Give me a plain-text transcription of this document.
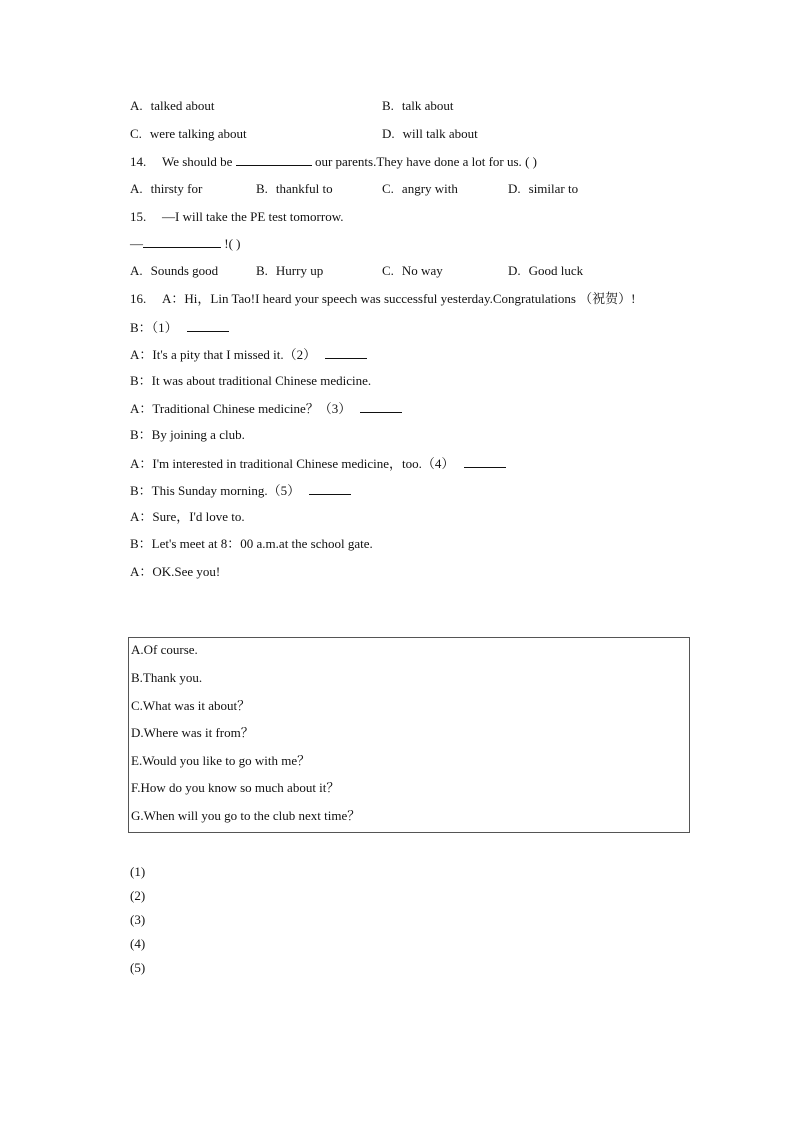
A. talked about	B. talk about
C. were talking about	D. will talk about
14. We should be	our parents.They have done a lot for us. ( )
A. thirsty for	B. thankful to	C. angry with	D. similar to
15. —I will take the PE test tomorrow.
—	!( )
A. Sounds good	B. Hurry up	C. No way	D. Good luck
16. A：Hi，Lin Tao!I heard your speech was successful yesterday.Congratulations （祝贺）!
B：（1）
A：It's a pity that I missed it.（2）
B：It was about traditional Chinese medicine.
A：Traditional Chinese medicine？（3）
B：By joining a club.
A：I'm interested in traditional Chinese medicine，too.（4）
B：This Sunday morning.（5）
A：Sure，I'd love to.
B：Let's meet at 8：00 a.m.at the school gate.
A：OK.See you!
A.Of course.
B.Thank you.
C.What was it about？
D.Where was it from？
E.Would you like to go with me？
F.How do you know so much about it？
G.When will you go to the club next time？
(1)
(2)
(3)
(4)
(5)
